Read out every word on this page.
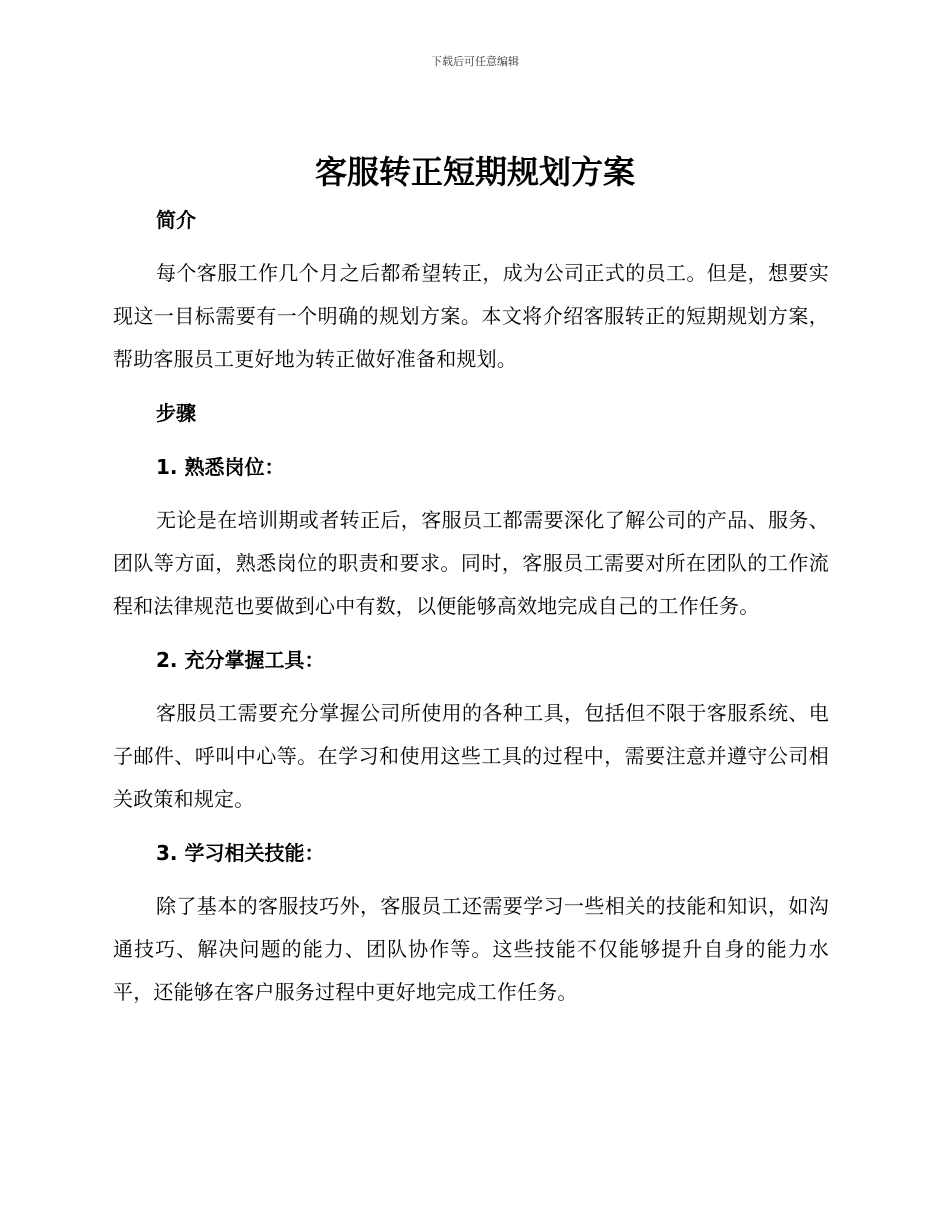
下载后可任意编辑
客服转正短期规划方案
简介

每个客服工作几个月之后都希望转正，成为公司正式的员工。但是，想要实现这一目标需要有一个明确的规划方案。本文将介绍客服转正的短期规划方案，帮助客服员工更好地为转正做好准备和规划。

步骤
1. 熟悉岗位：

无论是在培训期或者转正后，客服员工都需要深化了解公司的产品、服务、团队等方面，熟悉岗位的职责和要求。同时，客服员工需要对所在团队的工作流程和法律规范也要做到心中有数，以便能够高效地完成自己的工作任务。

2. 充分掌握工具：

客服员工需要充分掌握公司所使用的各种工具，包括但不限于客服系统、电子邮件、呼叫中心等。在学习和使用这些工具的过程中，需要注意并遵守公司相关政策和规定。

3. 学习相关技能：

除了基本的客服技巧外，客服员工还需要学习一些相关的技能和知识，如沟通技巧、解决问题的能力、团队协作等。这些技能不仅能够提升自身的能力水平，还能够在客户服务过程中更好地完成工作任务。
